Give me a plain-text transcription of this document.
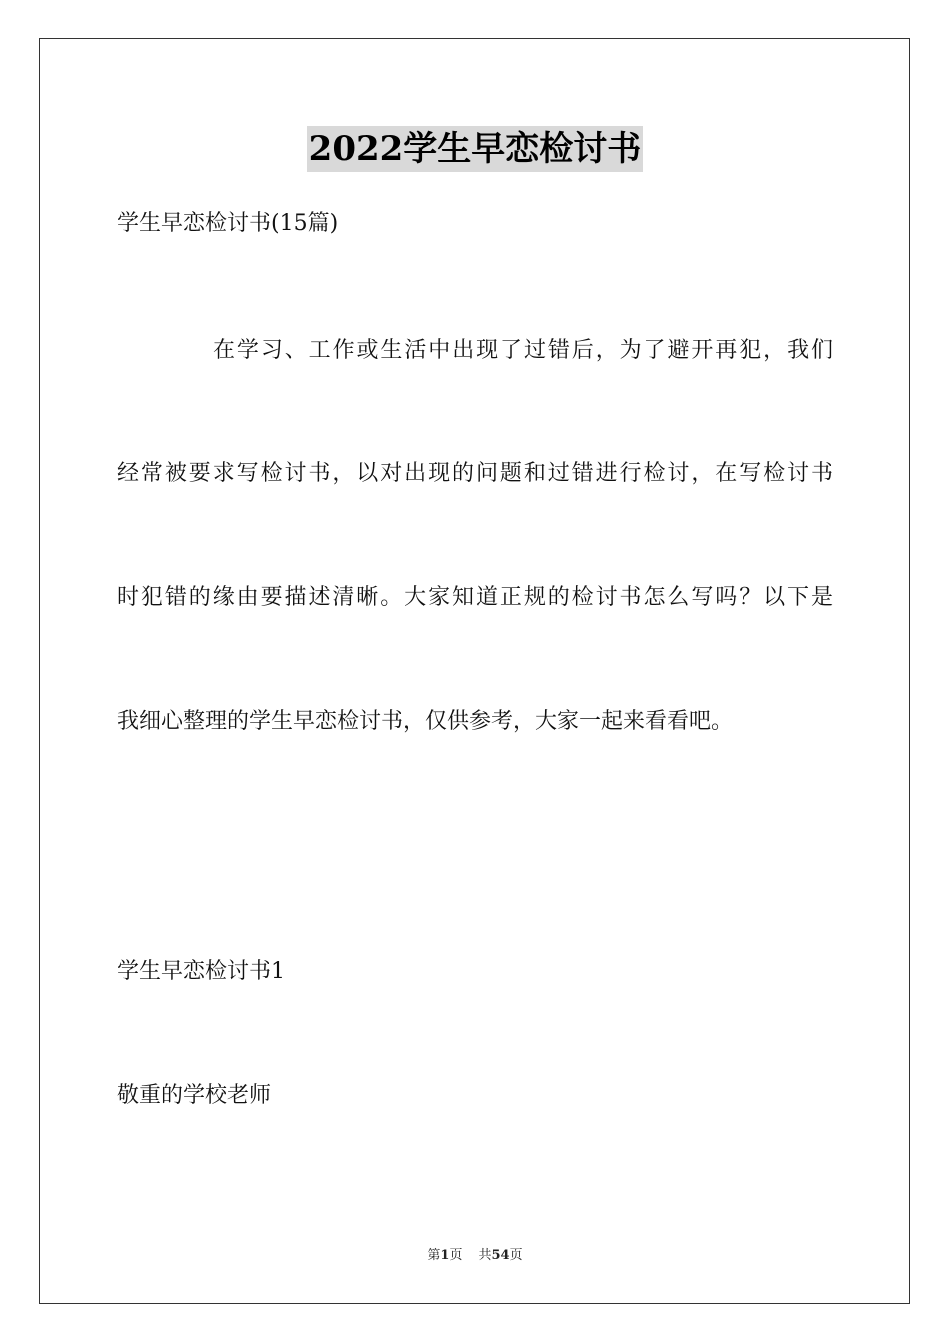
2022学生早恋检讨书
学生早恋检讨书(15篇)
在学习、工作或生活中出现了过错后，为了避开再犯，我们
经常被要求写检讨书，以对出现的问题和过错进行检讨，在写检讨书
时犯错的缘由要描述清晰。大家知道正规的检讨书怎么写吗？以下是
我细心整理的学生早恋检讨书，仅供参考，大家一起来看看吧。
学生早恋检讨书1
敬重的学校老师
第1页 共54页
